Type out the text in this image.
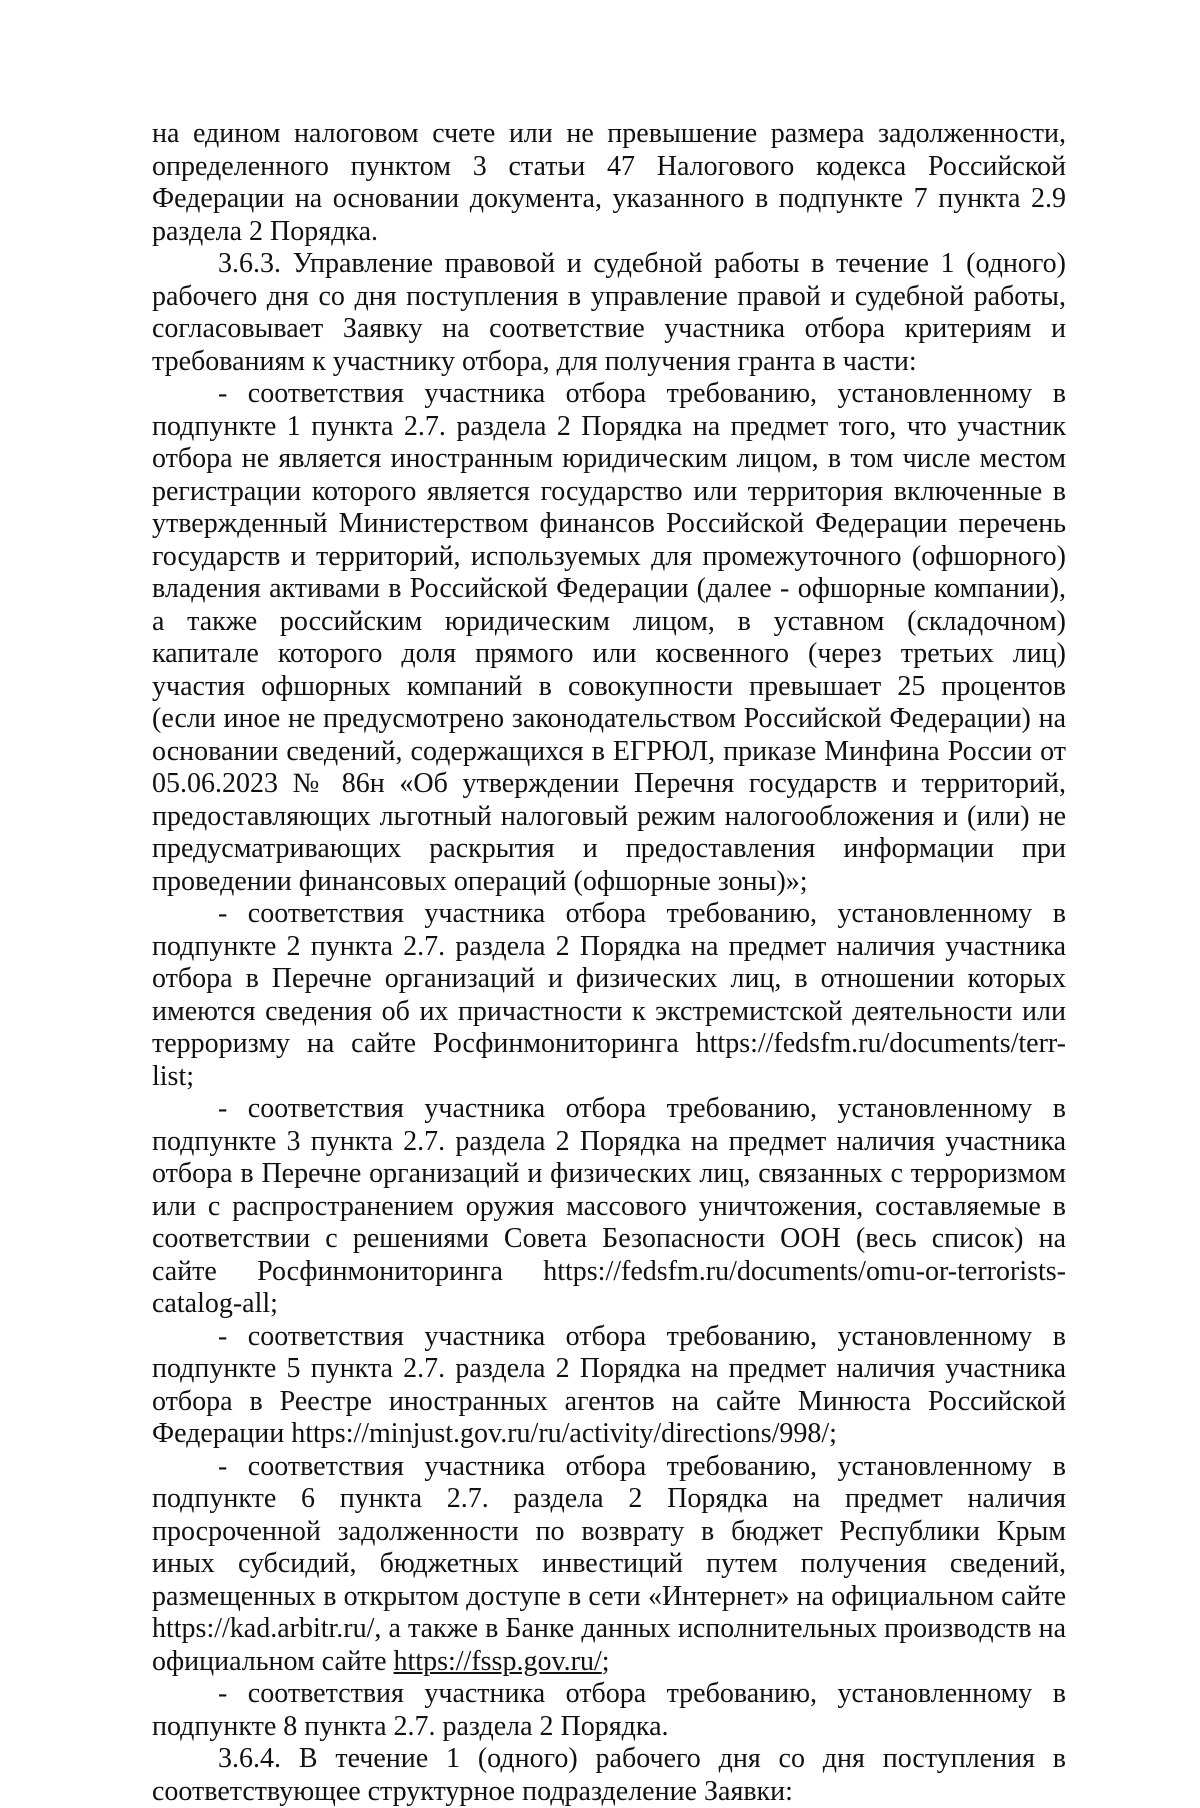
на едином налоговом счете или не превышение размера задолженности, определенного пунктом 3 статьи 47 Налогового кодекса Российской Федерации на основании документа, указанного в подпункте 7 пункта 2.9 раздела 2 Порядка.

3.6.3. Управление правовой и судебной работы в течение 1 (одного) рабочего дня со дня поступления в управление правой и судебной работы, согласовывает Заявку на соответствие участника отбора критериям и требованиям к участнику отбора, для получения гранта в части:

- соответствия участника отбора требованию, установленному в подпункте 1 пункта 2.7. раздела 2 Порядка на предмет того, что участник отбора не является иностранным юридическим лицом, в том числе местом регистрации которого является государство или территория включенные в утвержденный Министерством финансов Российской Федерации перечень государств и территорий, используемых для промежуточного (офшорного) владения активами в Российской Федерации (далее - офшорные компании), а также российским юридическим лицом, в уставном (складочном) капитале которого доля прямого или косвенного (через третьих лиц) участия офшорных компаний в совокупности превышает 25 процентов (если иное не предусмотрено законодательством Российской Федерации) на основании сведений, содержащихся в ЕГРЮЛ, приказе Минфина России от 05.06.2023 № 86н «Об утверждении Перечня государств и территорий, предоставляющих льготный налоговый режим налогообложения и (или) не предусматривающих раскрытия и предоставления информации при проведении финансовых операций (офшорные зоны)»;

- соответствия участника отбора требованию, установленному в подпункте 2 пункта 2.7. раздела 2 Порядка на предмет наличия участника отбора в Перечне организаций и физических лиц, в отношении которых имеются сведения об их причастности к экстремистской деятельности или терроризму на сайте Росфинмониторинга https://fedsfm.ru/documents/terr-list;

- соответствия участника отбора требованию, установленному в подпункте 3 пункта 2.7. раздела 2 Порядка на предмет наличия участника отбора в Перечне организаций и физических лиц, связанных с терроризмом или с распространением оружия массового уничтожения, составляемые в соответствии с решениями Совета Безопасности ООН (весь список) на сайте Росфинмониторинга https://fedsfm.ru/documents/omu-or-terrorists-catalog-all;

- соответствия участника отбора требованию, установленному в подпункте 5 пункта 2.7. раздела 2 Порядка на предмет наличия участника отбора в Реестре иностранных агентов на сайте Минюста Российской Федерации https://minjust.gov.ru/ru/activity/directions/998/;

- соответствия участника отбора требованию, установленному в подпункте 6 пункта 2.7. раздела 2 Порядка на предмет наличия просроченной задолженности по возврату в бюджет Республики Крым иных субсидий, бюджетных инвестиций путем получения сведений, размещенных в открытом доступе в сети «Интернет» на официальном сайте https://kad.arbitr.ru/, а также в Банке данных исполнительных производств на официальном сайте https://fssp.gov.ru/;

- соответствия участника отбора требованию, установленному в подпункте 8 пункта 2.7. раздела 2 Порядка.

3.6.4. В течение 1 (одного) рабочего дня со дня поступления в соответствующее структурное подразделение Заявки:
